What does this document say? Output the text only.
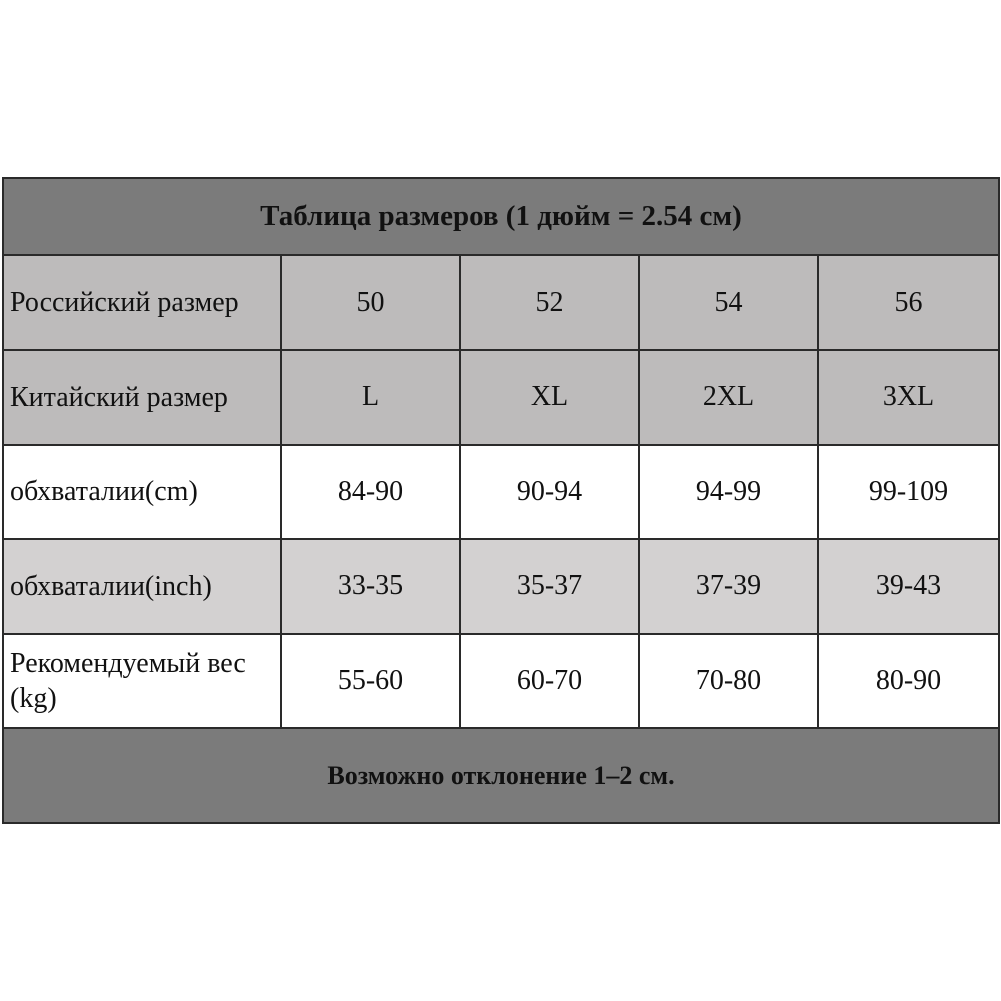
Таблица размеров (1 дюйм = 2.54 см)				
Российский размер	50	52	54	56
Китайский размер	L	XL	2XL	3XL
обхваталии(cm)	84-90	90-94	94-99	99-109
обхваталии(inch)	33-35	35-37	37-39	39-43
Рекомендуемый вес (kg)	55-60	60-70	70-80	80-90
Возможно отклонение 1–2 см.				
